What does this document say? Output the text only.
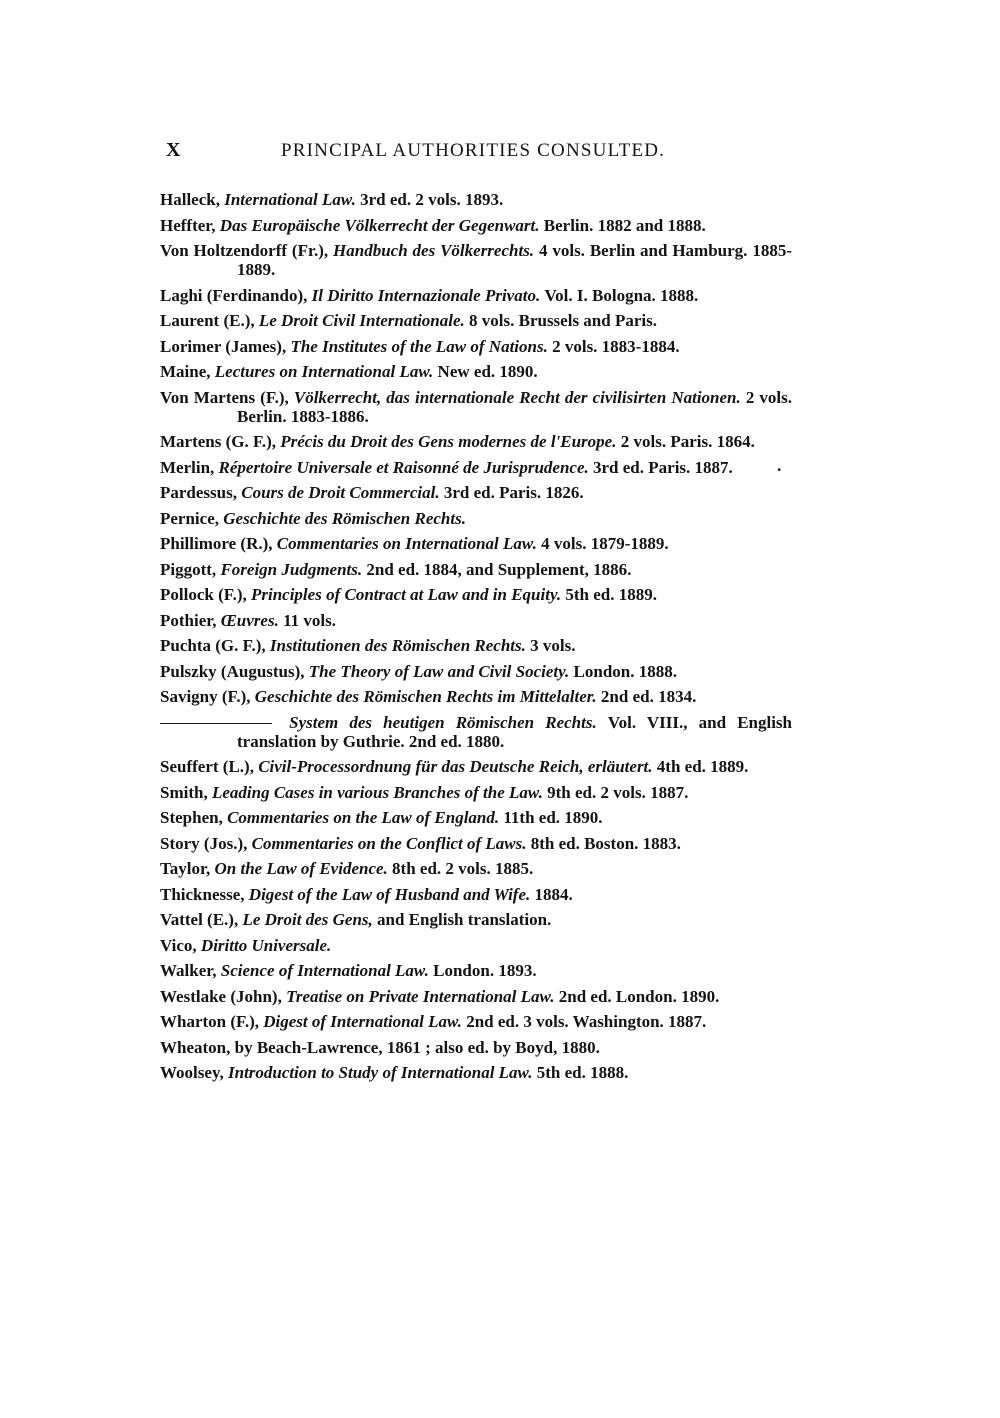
X	PRINCIPAL AUTHORITIES CONSULTED.
Halleck, International Law. 3rd ed. 2 vols. 1893.
Heffter, Das Europäische Völkerrecht der Gegenwart. Berlin. 1882 and 1888.
Von Holtzendorff (Fr.), Handbuch des Völkerrechts. 4 vols. Berlin and Hamburg. 1885-1889.
Laghi (Ferdinando), Il Diritto Internazionale Privato. Vol. I. Bologna. 1888.
Laurent (E.), Le Droit Civil Internationale. 8 vols. Brussels and Paris.
Lorimer (James), The Institutes of the Law of Nations. 2 vols. 1883-1884.
Maine, Lectures on International Law. New ed. 1890.
Von Martens (F.), Völkerrecht, das internationale Recht der civilisirten Nationen. 2 vols. Berlin. 1883-1886.
Martens (G. F.), Précis du Droit des Gens modernes de l'Europe. 2 vols. Paris. 1864.
Merlin, Répertoire Universale et Raisonné de Jurisprudence. 3rd ed. Paris. 1887.	·
Pardessus, Cours de Droit Commercial. 3rd ed. Paris. 1826.
Pernice, Geschichte des Römischen Rechts.
Phillimore (R.), Commentaries on International Law. 4 vols. 1879-1889.
Piggott, Foreign Judgments. 2nd ed. 1884, and Supplement, 1886.
Pollock (F.), Principles of Contract at Law and in Equity. 5th ed. 1889.
Pothier, Œuvres. 11 vols.
Puchta (G. F.), Institutionen des Römischen Rechts. 3 vols.
Pulszky (Augustus), The Theory of Law and Civil Society. London. 1888.
Savigny (F.), Geschichte des Römischen Rechts im Mittelalter. 2nd ed. 1834.
System des heutigen Römischen Rechts. Vol. VIII., and English translation by Guthrie. 2nd ed. 1880.
Seuffert (L.), Civil-Processordnung für das Deutsche Reich, erläutert. 4th ed. 1889.
Smith, Leading Cases in various Branches of the Law. 9th ed. 2 vols. 1887.
Stephen, Commentaries on the Law of England. 11th ed. 1890.
Story (Jos.), Commentaries on the Conflict of Laws. 8th ed. Boston. 1883.
Taylor, On the Law of Evidence. 8th ed. 2 vols. 1885.
Thicknesse, Digest of the Law of Husband and Wife. 1884.
Vattel (E.), Le Droit des Gens, and English translation.
Vico, Diritto Universale.
Walker, Science of International Law. London. 1893.
Westlake (John), Treatise on Private International Law. 2nd ed. London. 1890.
Wharton (F.), Digest of International Law. 2nd ed. 3 vols. Washington. 1887.
Wheaton, by Beach-Lawrence, 1861 ; also ed. by Boyd, 1880.
Woolsey, Introduction to Study of International Law. 5th ed. 1888.
